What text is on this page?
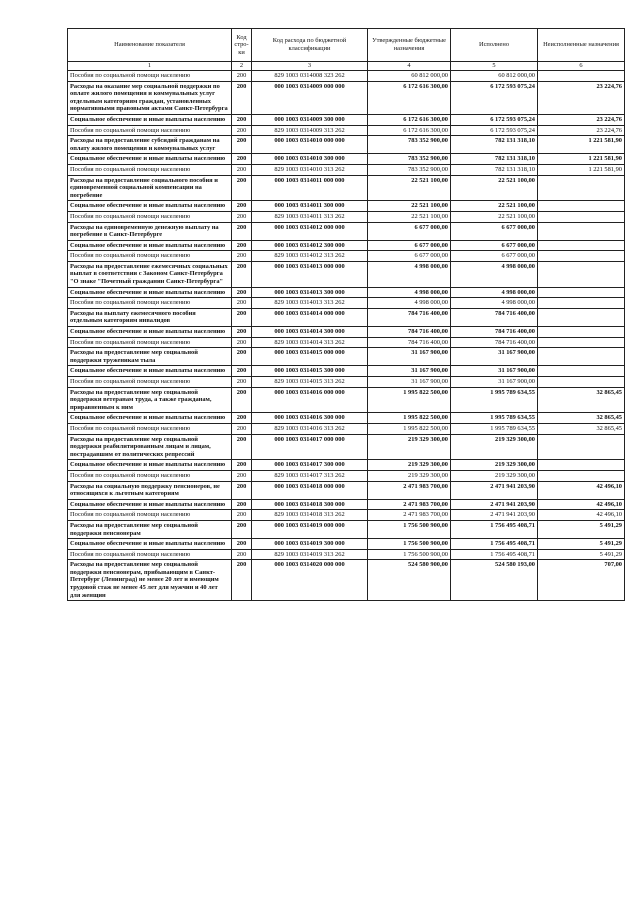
Наименование показателя	Код стро-ки	Код расхода по бюджетной классификации	Утвержденные бюджетные назначения	Исполнено	Неисполненные назначения
1	2	3	4	5	6
Пособия по социальной помощи населению	200	829 1003 0314008 323 262	60 812 000,00	60 812 000,00	
Расходы на оказание мер социальной поддержки по оплате жилого помещения и коммунальных услуг отдельным категориям граждан, установленных нормативными правовыми актами Санкт-Петербурга	200	000 1003 0314009 000 000	6 172 616 300,00	6 172 593 075,24	23 224,76
Социальное обеспечение и иные выплаты населению	200	000 1003 0314009 300 000	6 172 616 300,00	6 172 593 075,24	23 224,76
Пособия по социальной помощи населению	200	829 1003 0314009 313 262	6 172 616 300,00	6 172 593 075,24	23 224,76
Расходы на предоставление субсидий гражданам на оплату жилого помещения и коммунальных услуг	200	000 1003 0314010 000 000	783 352 900,00	782 131 318,10	1 221 581,90
Социальное обеспечение и иные выплаты населению	200	000 1003 0314010 300 000	783 352 900,00	782 131 318,10	1 221 581,90
Пособия по социальной помощи населению	200	829 1003 0314010 313 262	783 352 900,00	782 131 318,10	1 221 581,90
Расходы на предоставление социального пособия и единовременной социальной компенсации на погребение	200	000 1003 0314011 000 000	22 521 100,00	22 521 100,00	
Социальное обеспечение и иные выплаты населению	200	000 1003 0314011 300 000	22 521 100,00	22 521 100,00	
Пособия по социальной помощи населению	200	829 1003 0314011 313 262	22 521 100,00	22 521 100,00	
Расходы на единовременную денежную выплату на погребение в Санкт-Петербурге	200	000 1003 0314012 000 000	6 677 000,00	6 677 000,00	
Социальное обеспечение и иные выплаты населению	200	000 1003 0314012 300 000	6 677 000,00	6 677 000,00	
Пособия по социальной помощи населению	200	829 1003 0314012 313 262	6 677 000,00	6 677 000,00	
Расходы на предоставление ежемесячных социальных выплат в соответствии с Законом Санкт-Петербурга "О знаке "Почетный гражданин Санкт-Петербурга"	200	000 1003 0314013 000 000	4 998 000,00	4 998 000,00	
Социальное обеспечение и иные выплаты населению	200	000 1003 0314013 300 000	4 998 000,00	4 998 000,00	
Пособия по социальной помощи населению	200	829 1003 0314013 313 262	4 998 000,00	4 998 000,00	
Расходы на выплату ежемесячного пособия отдельным категориям инвалидов	200	000 1003 0314014 000 000	784 716 400,00	784 716 400,00	
Социальное обеспечение и иные выплаты населению	200	000 1003 0314014 300 000	784 716 400,00	784 716 400,00	
Пособия по социальной помощи населению	200	829 1003 0314014 313 262	784 716 400,00	784 716 400,00	
Расходы на предоставление мер социальной поддержки труженикам тыла	200	000 1003 0314015 000 000	31 167 900,00	31 167 900,00	
Социальное обеспечение и иные выплаты населению	200	000 1003 0314015 300 000	31 167 900,00	31 167 900,00	
Пособия по социальной помощи населению	200	829 1003 0314015 313 262	31 167 900,00	31 167 900,00	
Расходы на предоставление мер социальной поддержки ветеранам труда, а также гражданам, приравненным к ним	200	000 1003 0314016 000 000	1 995 822 500,00	1 995 789 634,55	32 865,45
Социальное обеспечение и иные выплаты населению	200	000 1003 0314016 300 000	1 995 822 500,00	1 995 789 634,55	32 865,45
Пособия по социальной помощи населению	200	829 1003 0314016 313 262	1 995 822 500,00	1 995 789 634,55	32 865,45
Расходы на предоставление мер социальной поддержки реабилитированным лицам и лицам, пострадавшим от политических репрессий	200	000 1003 0314017 000 000	219 329 300,00	219 329 300,00	
Социальное обеспечение и иные выплаты населению	200	000 1003 0314017 300 000	219 329 300,00	219 329 300,00	
Пособия по социальной помощи населению	200	829 1003 0314017 313 262	219 329 300,00	219 329 300,00	
Расходы на социальную поддержку пенсионеров, не относящихся к льготным категориям	200	000 1003 0314018 000 000	2 471 983 700,00	2 471 941 203,90	42 496,10
Социальное обеспечение и иные выплаты населению	200	000 1003 0314018 300 000	2 471 983 700,00	2 471 941 203,90	42 496,10
Пособия по социальной помощи населению	200	829 1003 0314018 313 262	2 471 983 700,00	2 471 941 203,90	42 496,10
Расходы на предоставление мер социальной поддержки пенсионерам	200	000 1003 0314019 000 000	1 756 500 900,00	1 756 495 408,71	5 491,29
Социальное обеспечение и иные выплаты населению	200	000 1003 0314019 300 000	1 756 500 900,00	1 756 495 408,71	5 491,29
Пособия по социальной помощи населению	200	829 1003 0314019 313 262	1 756 500 900,00	1 756 495 408,71	5 491,29
Расходы на предоставление мер социальной поддержки пенсионерам, прибывающим в Санкт-Петербург (Ленинград) не менее 20 лет и имеющим трудовой стаж не менее 45 лет для мужчин и 40 лет для женщин	200	000 1003 0314020 000 000	524 580 900,00	524 580 193,00	707,00
